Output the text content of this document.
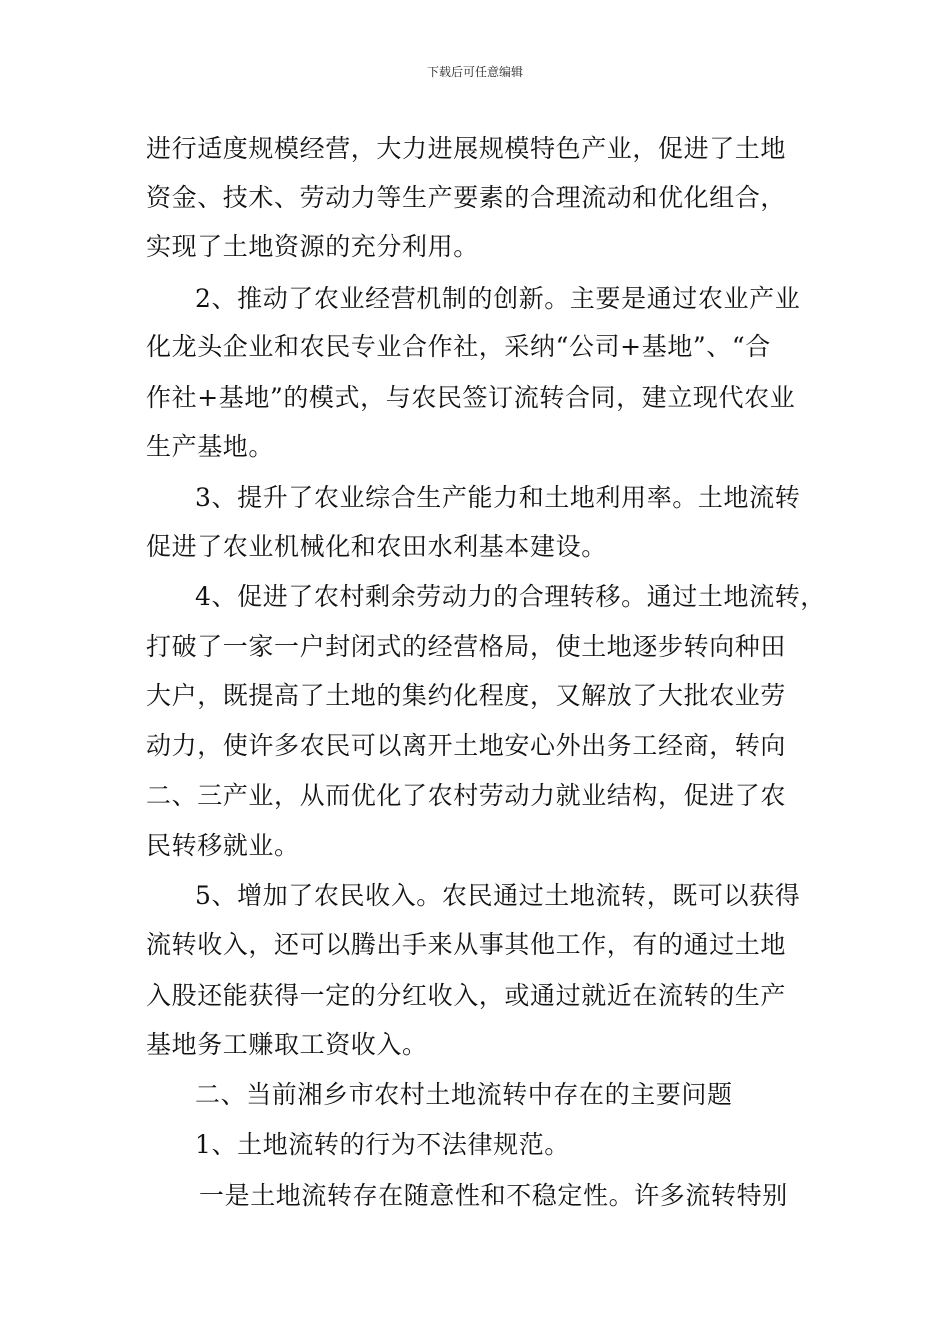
下载后可任意编辑
进行适度规模经营，大力进展规模特色产业，促进了土地
资金、技术、劳动力等生产要素的合理流动和优化组合，
实现了土地资源的充分利用。
2、推动了农业经营机制的创新。主要是通过农业产业
化龙头企业和农民专业合作社，采纳“公司+基地”、“合
作社+基地”的模式，与农民签订流转合同，建立现代农业
生产基地。
3、提升了农业综合生产能力和土地利用率。土地流转
促进了农业机械化和农田水利基本建设。
4、促进了农村剩余劳动力的合理转移。通过土地流转，
打破了一家一户封闭式的经营格局，使土地逐步转向种田
大户，既提高了土地的集约化程度，又解放了大批农业劳
动力，使许多农民可以离开土地安心外出务工经商，转向
二、三产业，从而优化了农村劳动力就业结构，促进了农
民转移就业。
5、增加了农民收入。农民通过土地流转，既可以获得
流转收入，还可以腾出手来从事其他工作，有的通过土地
入股还能获得一定的分红收入，或通过就近在流转的生产
基地务工赚取工资收入。
二、当前湘乡市农村土地流转中存在的主要问题
1、土地流转的行为不法律规范。
一是土地流转存在随意性和不稳定性。许多流转特别
